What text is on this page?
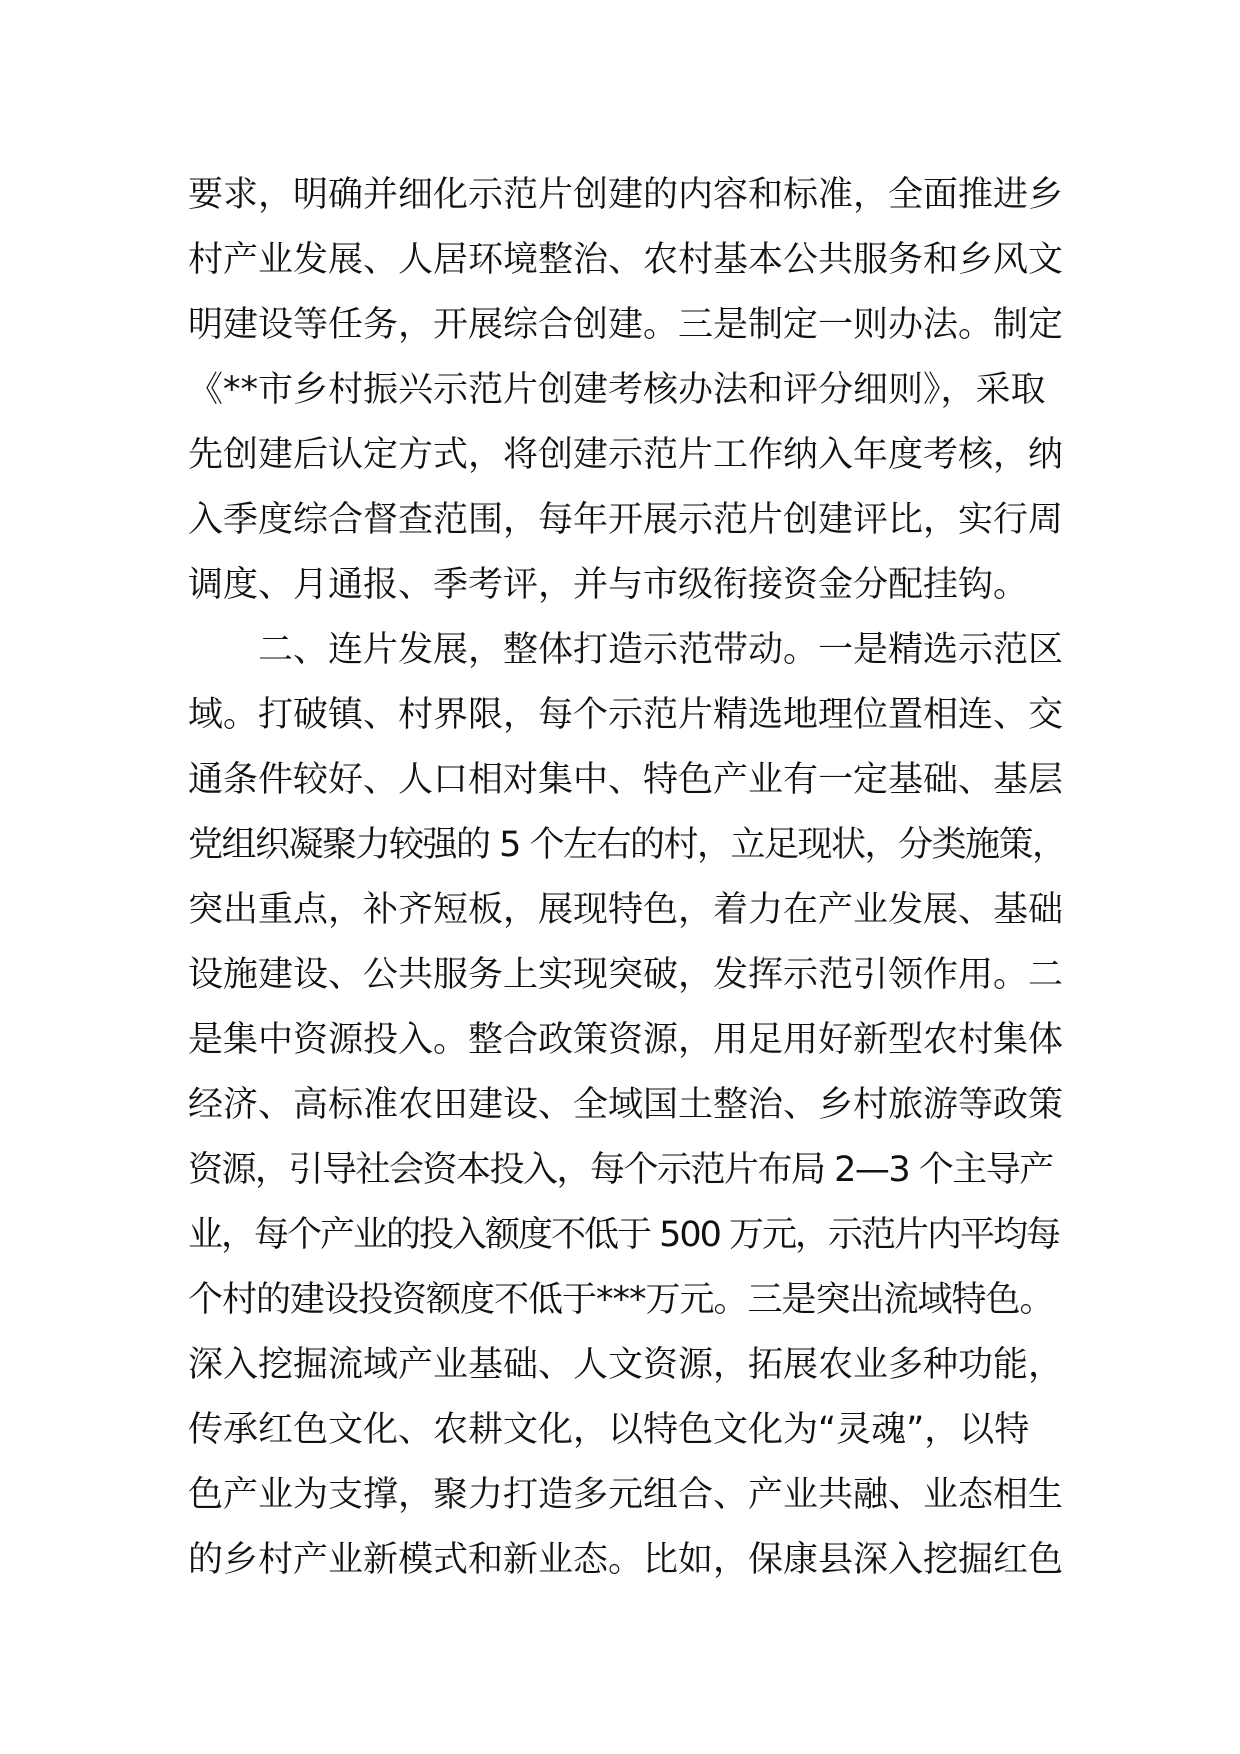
要求，明确并细化示范片创建的内容和标准，全面推进乡
村产业发展、人居环境整治、农村基本公共服务和乡风文
明建设等任务，开展综合创建。三是制定一则办法。制定
《**市乡村振兴示范片创建考核办法和评分细则》，采取
先创建后认定方式，将创建示范片工作纳入年度考核，纳
入季度综合督查范围，每年开展示范片创建评比，实行周
调度、月通报、季考评，并与市级衔接资金分配挂钩。
二、连片发展，整体打造示范带动。一是精选示范区
域。打破镇、村界限，每个示范片精选地理位置相连、交
通条件较好、人口相对集中、特色产业有一定基础、基层
党组织凝聚力较强的 5 个左右的村，立足现状，分类施策，
突出重点，补齐短板，展现特色，着力在产业发展、基础
设施建设、公共服务上实现突破，发挥示范引领作用。二
是集中资源投入。整合政策资源，用足用好新型农村集体
经济、高标准农田建设、全域国土整治、乡村旅游等政策
资源，引导社会资本投入，每个示范片布局 2—3 个主导产
业，每个产业的投入额度不低于 500 万元，示范片内平均每
个村的建设投资额度不低于***万元。三是突出流域特色。
深入挖掘流域产业基础、人文资源，拓展农业多种功能，
传承红色文化、农耕文化，以特色文化为“灵魂”，以特
色产业为支撑，聚力打造多元组合、产业共融、业态相生
的乡村产业新模式和新业态。比如，保康县深入挖掘红色
